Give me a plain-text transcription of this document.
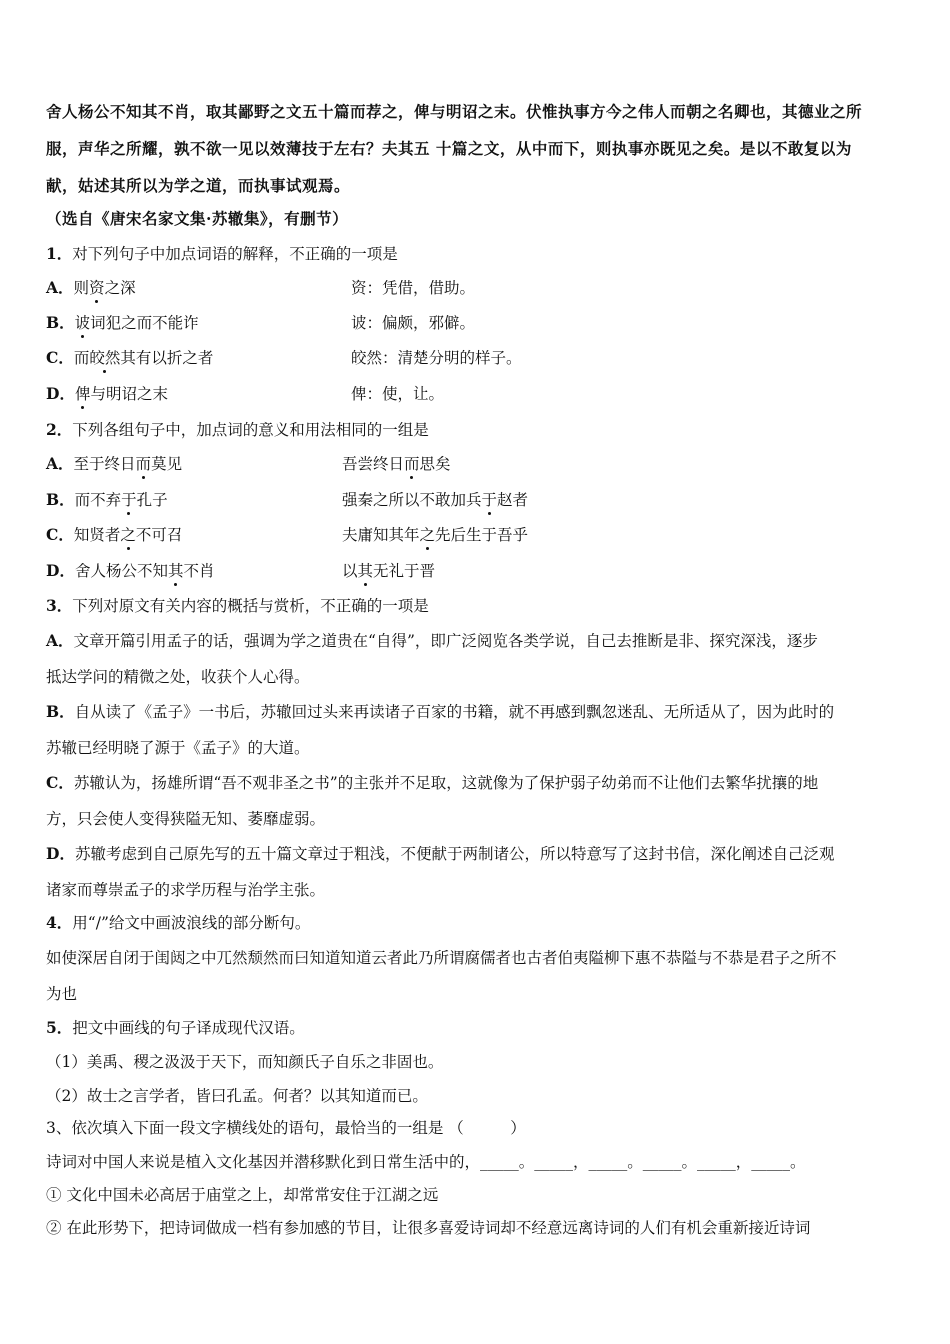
舍人杨公不知其不肖，取其鄙野之文五十篇而荐之，俾与明诏之末。伏惟执事方今之伟人而朝之名卿也，其德业之所
服，声华之所耀，孰不欲一见以效薄技于左右？夫其五 十篇之文，从中而下，则执事亦既见之矣。是以不敢复以为
献，姑述其所以为学之道，而执事试观焉。
（选自《唐宋名家文集·苏辙集》，有删节）
1．对下列句子中加点词语的解释，不正确的一项是
A．则资之深	资：凭借，借助。
B．诐词犯之而不能诈	诐：偏颇，邪僻。
C．而皎然其有以折之者	皎然：清楚分明的样子。
D．俾与明诏之末	俾：使，让。
2．下列各组句子中，加点词的意义和用法相同的一组是
A．至于终日而莫见	吾尝终日而思矣
B．而不弃于孔子	强秦之所以不敢加兵于赵者
C．知贤者之不可召	夫庸知其年之先后生于吾乎
D．舍人杨公不知其不肖	以其无礼于晋
3．下列对原文有关内容的概括与赏析，不正确的一项是
A．文章开篇引用孟子的话，强调为学之道贵在“自得”，即广泛阅览各类学说，自己去推断是非、探究深浅，逐步
抵达学问的精微之处，收获个人心得。
B．自从读了《孟子》一书后，苏辙回过头来再读诸子百家的书籍，就不再感到飘忽迷乱、无所适从了，因为此时的
苏辙已经明晓了源于《孟子》的大道。
C．苏辙认为，扬雄所谓“吾不观非圣之书”的主张并不足取，这就像为了保护弱子幼弟而不让他们去繁华扰攘的地
方，只会使人变得狭隘无知、萎靡虚弱。
D．苏辙考虑到自己原先写的五十篇文章过于粗浅，不便献于两制诸公，所以特意写了这封书信，深化阐述自己泛观
诸家而尊崇孟子的求学历程与治学主张。
4．用“/”给文中画波浪线的部分断句。
如使深居自闭于闺闼之中兀然颓然而曰知道知道云者此乃所谓腐儒者也古者伯夷隘柳下惠不恭隘与不恭是君子之所不
为也
5．把文中画线的句子译成现代汉语。
（1）美禹、稷之汲汲于天下，而知颜氏子自乐之非固也。
（2）故士之言学者，皆曰孔孟。何者？以其知道而已。
3、依次填入下面一段文字横线处的语句，最恰当的一组是 （　　　）
诗词对中国人来说是植入文化基因并潜移默化到日常生活中的，_____。_____，_____。_____。_____，_____。
① 文化中国未必高居于庙堂之上，却常常安住于江湖之远
② 在此形势下，把诗词做成一档有参加感的节目，让很多喜爱诗词却不经意远离诗词的人们有机会重新接近诗词
